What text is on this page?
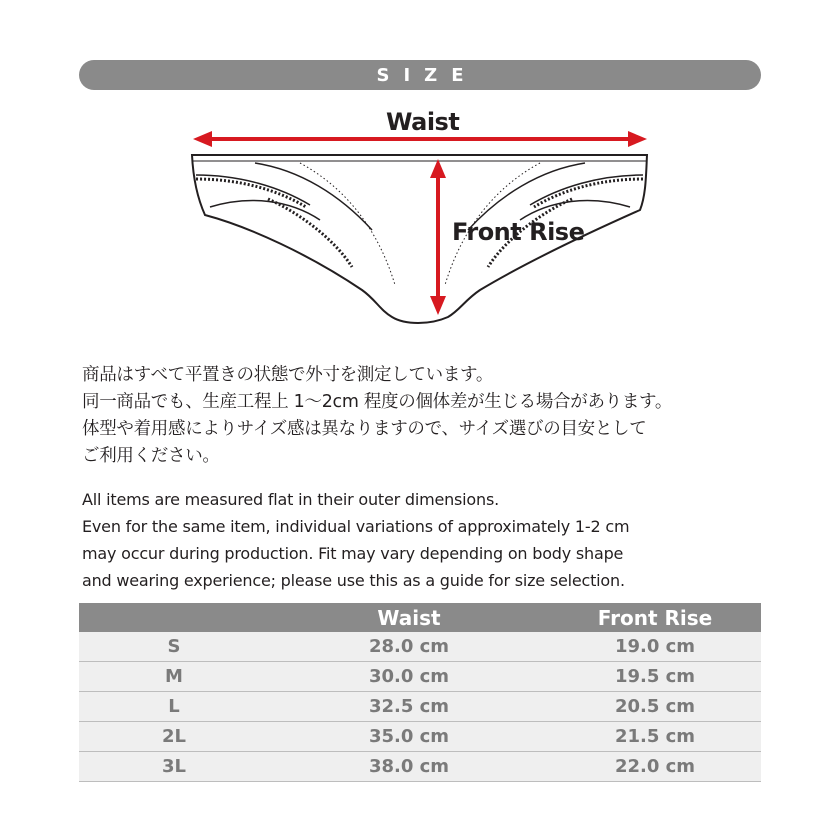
SIZE
Waist
Front Rise
商品はすべて平置きの状態で外寸を測定しています。
同一商品でも、生産工程上 1〜2cm 程度の個体差が生じる場合があります。
体型や着用感によりサイズ感は異なりますので、サイズ選びの目安として
ご利用ください。
All items are measured flat in their outer dimensions.
Even for the same item, individual variations of approximately 1-2 cm
may occur during production. Fit may vary depending on body shape
and wearing experience; please use this as a guide for size selection.
	Waist	Front Rise
S	28.0 cm	19.0 cm
M	30.0 cm	19.5 cm
L	32.5 cm	20.5 cm
2L	35.0 cm	21.5 cm
3L	38.0 cm	22.0 cm
